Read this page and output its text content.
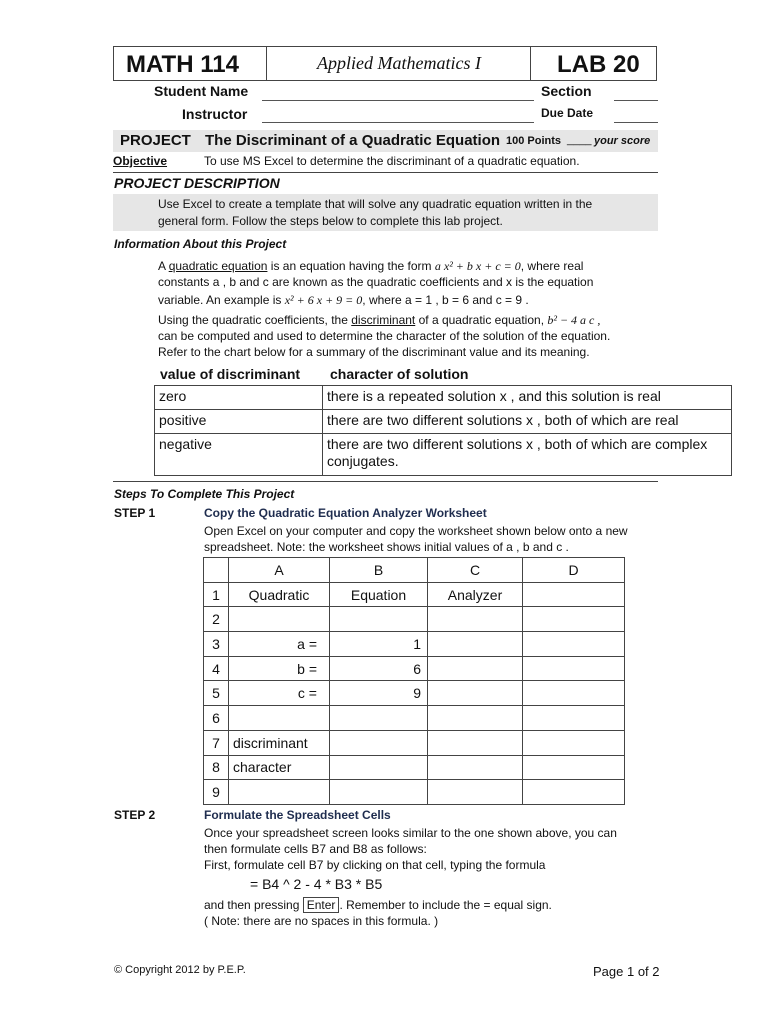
MATH 114	Applied Mathematics I	LAB 20
Student Name	Section
Instructor	Due Date
PROJECT The Discriminant of a Quadratic Equation 100 Points ____ your score
Objective	To use MS Excel to determine the discriminant of a quadratic equation.
PROJECT DESCRIPTION
Use Excel to create a template that will solve any quadratic equation written in the
general form. Follow the steps below to complete this lab project.
Information About this Project
A quadratic equation is an equation having the form a x² + b x + c = 0, where real
constants a , b and c are known as the quadratic coefficients and x is the equation
variable. An example is x² + 6 x + 9 = 0, where a = 1 , b = 6 and c = 9 .
Using the quadratic coefficients, the discriminant of a quadratic equation, b² − 4 a c ,
can be computed and used to determine the character of the solution of the equation.
Refer to the chart below for a summary of the discriminant value and its meaning.
value of discriminant character of solution
zero	there is a repeated solution x , and this solution is real
positive	there are two different solutions x , both of which are real
negative	there are two different solutions x , both of which are complex conjugates.
Steps To Complete This Project
STEP 1	Copy the Quadratic Equation Analyzer Worksheet
Open Excel on your computer and copy the worksheet shown below onto a new
spreadsheet. Note: the worksheet shows initial values of a , b and c .
	A	B	C	D
1	Quadratic	Equation	Analyzer	
2				
3	a =	1		
4	b =	6		
5	c =	9		
6				
7	discriminant			
8	character			
9				
STEP 2	Formulate the Spreadsheet Cells
Once your spreadsheet screen looks similar to the one shown above, you can
then formulate cells B7 and B8 as follows:
First, formulate cell B7 by clicking on that cell, typing the formula
= B4 ^ 2 - 4 * B3 * B5
and then pressing Enter . Remember to include the = equal sign.
( Note: there are no spaces in this formula. )
© Copyright 2012 by P.E.P.	Page 1 of 2
